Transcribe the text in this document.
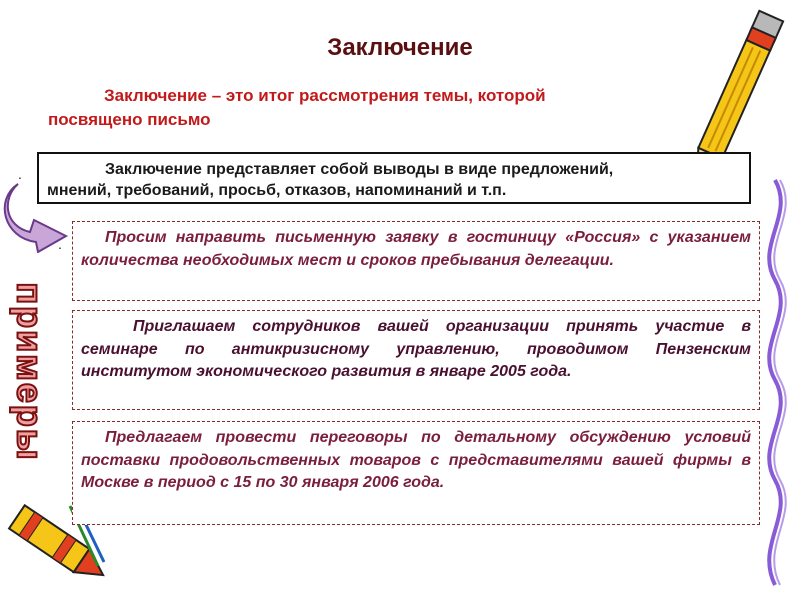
примеры
Заключение
Заключение – это итог рассмотрения темы, которой
посвящено письмо
.
.
Заключение представляет собой выводы в виде предложений,
мнений, требований, просьб, отказов, напоминаний и т.п.
Просим направить письменную заявку в гостиницу «Россия» с указанием количества необходимых мест и сроков пребывания делегации.
Приглашаем сотрудников вашей организации принять участие в семинаре по антикризисному управлению, проводимом Пензенским институтом экономического развития в январе 2005 года.
Предлагаем провести переговоры по детальному обсуждению условий поставки продовольственных товаров с представителями вашей фирмы в Москве в период с 15 по 30 января 2006 года.
